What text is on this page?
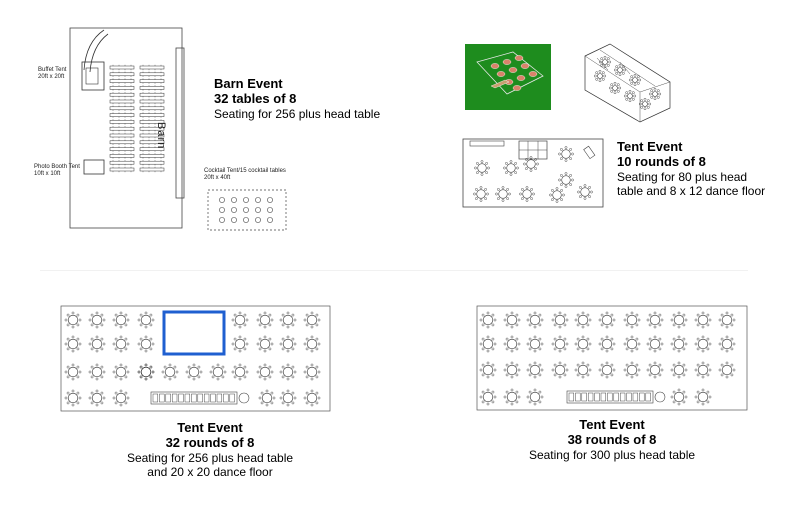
Buffet Tent
20ft x 20ft
Photo Booth Tent
10ft x 10ft
Barn
Cocktail Tent/15 cocktail tables
20ft x 40ft
Barn Event
32 tables of 8
Seating for 256 plus head table
Tent Event
10 rounds of 8
Seating for 80 plus head
table and 8 x 12 dance floor
Tent Event
32 rounds of 8
Seating for 256 plus head table
and 20 x 20 dance floor
Tent Event
38 rounds of 8
Seating for 300 plus head table
